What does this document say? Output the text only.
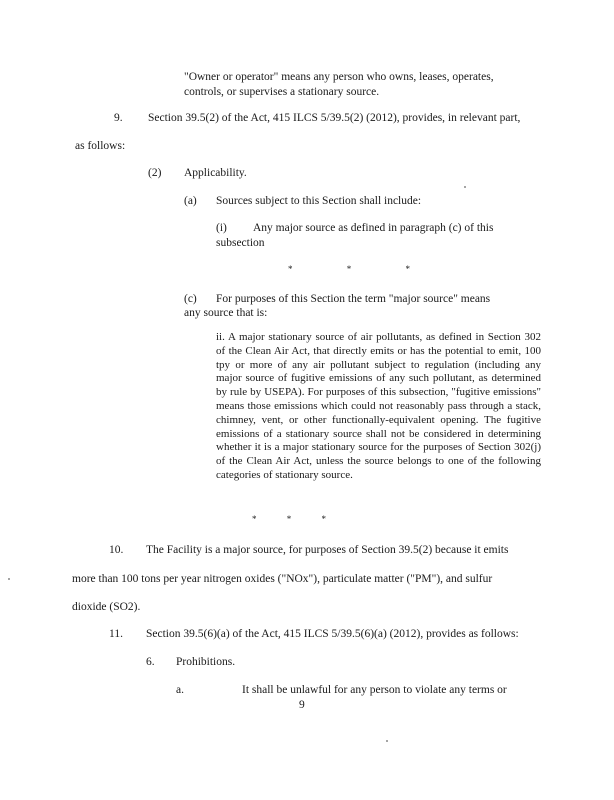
"Owner or operator" means any person who owns, leases, operates,
controls, or supervises a stationary source.
9. Section 39.5(2) of the Act, 415 ILCS 5/39.5(2) (2012), provides, in relevant part,
as follows:
(2) Applicability.
(a) Sources subject to this Section shall include:
(i) Any major source as defined in paragraph (c) of this
subsection
* * *
(c) For purposes of this Section the term "major source" means
any source that is:
ii. A major stationary source of air pollutants, as defined in Section 302 of the Clean Air Act, that directly emits or has the potential to emit, 100 tpy or more of any air pollutant subject to regulation (including any major source of fugitive emissions of any such pollutant, as determined by rule by USEPA). For purposes of this subsection, "fugitive emissions" means those emissions which could not reasonably pass through a stack, chimney, vent, or other functionally-equivalent opening. The fugitive emissions of a stationary source shall not be considered in determining whether it is a major stationary source for the purposes of Section 302(j) of the Clean Air Act, unless the source belongs to one of the following categories of stationary source.
* * *
10. The Facility is a major source, for purposes of Section 39.5(2) because it emits
more than 100 tons per year nitrogen oxides ("NOx"), particulate matter ("PM"), and sulfur
dioxide (SO2).
11. Section 39.5(6)(a) of the Act, 415 ILCS 5/39.5(6)(a) (2012), provides as follows:
6. Prohibitions.
a.	It shall be unlawful for any person to violate any terms or
9
